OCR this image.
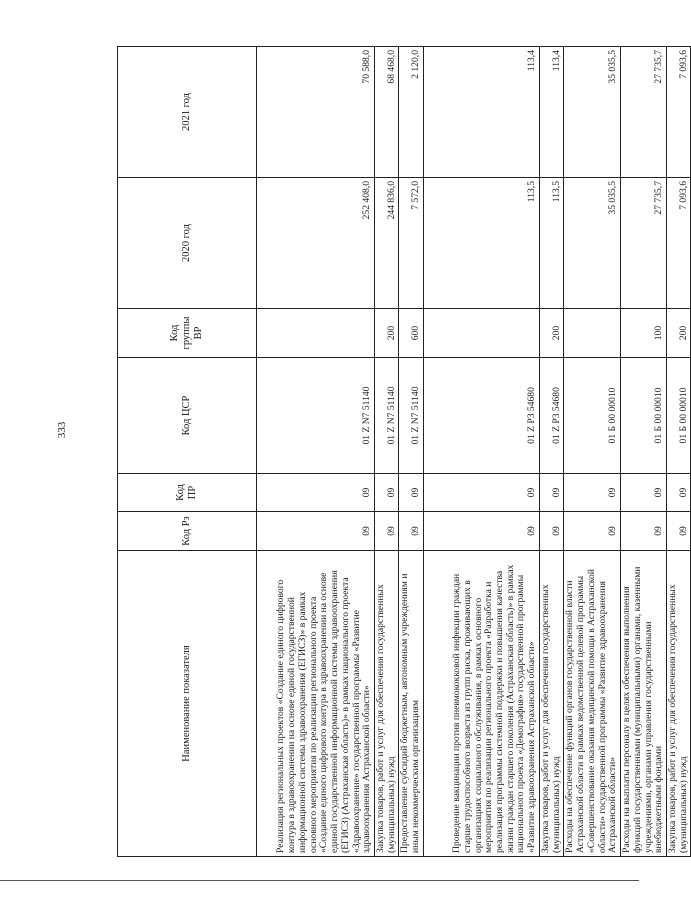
333
Наименование показателя	Код Рз	Код ПР	Код ЦСР	Код группы ВР	2020 год	2021 год
Реализация региональных проектов «Создание единого цифрового контура в здравоохранении на основе единой государственной информационной системы здравоохранения (ЕГИСЗ)» в рамках основного мероприятия по реализации регионального проекта «Создание единого цифрового контура в здравоохранении на основе единой государственной информационной системы здравоохранения (ЕГИСЗ) (Астраханская область)» в рамках национального проекта «Здравоохранение» государственной программы «Развитие здравоохранения Астраханской области»	09	09	01 Z N7 51140		252 408,0	70 588,0
Закупка товаров, работ и услуг для обеспечения государственных (муниципальных) нужд	09	09	01 Z N7 51140	200	244 836,0	68 468,0
Предоставление субсидий бюджетным, автономным учреждениям и иным некоммерческим организациям	09	09	01 Z N7 51140	600	7 572,0	2 120,0
Проведение вакцинации против пневмококковой инфекции граждан старше трудоспособного возраста из групп риска, проживающих в организациях социального обслуживания, в рамках основного мероприятия по реализации регионального проекта «Разработка и реализация программы системной поддержки и повышения качества жизни граждан старшего поколения (Астраханская область)» в рамках национального проекта «Демография» государственной программы «Развитие здравоохранения Астраханской области»	09	09	01 Z P3 54680		113,5	113,4
Закупка товаров, работ и услуг для обеспечения государственных (муниципальных) нужд	09	09	01 Z P3 54680	200	113,5	113,4
Расходы на обеспечение функций органов государственной власти Астраханской области в рамках ведомственной целевой программы «Совершенствование оказания медицинской помощи в Астраханской области» государственной программы «Развитие здравоохранения Астраханской области»	09	09	01 Б 00 00010		35 035,5	35 035,5
Расходы на выплаты персоналу в целях обеспечения выполнения функций государственными (муниципальными) органами, казенными учреждениями, органами управления государственными внебюджетными фондами	09	09	01 Б 00 00010	100	27 735,7	27 735,7
Закупка товаров, работ и услуг для обеспечения государственных (муниципальных) нужд	09	09	01 Б 00 00010	200	7 093,6	7 093,6
